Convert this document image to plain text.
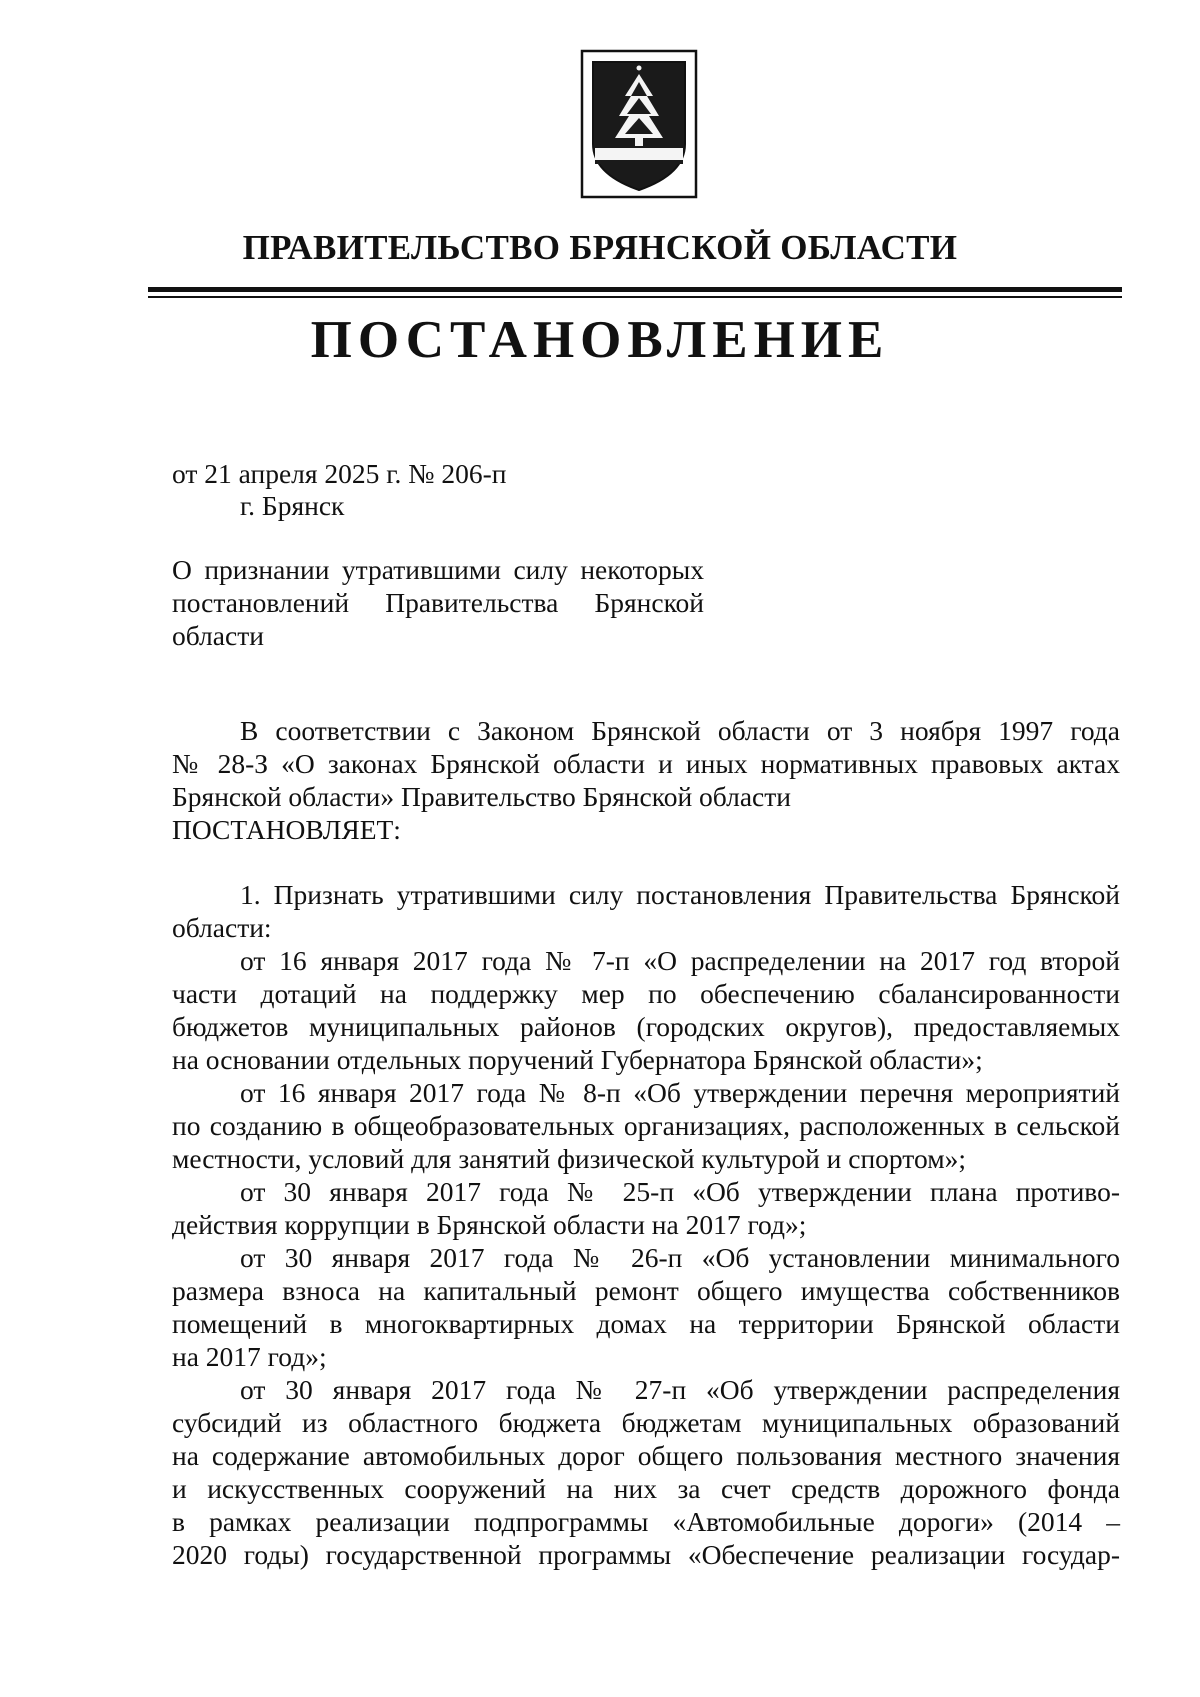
ПРАВИТЕЛЬСТВО БРЯНСКОЙ ОБЛАСТИ
ПОСТАНОВЛЕНИЕ
от 21 апреля 2025 г. № 206-п
г. Брянск
О признании утратившими силу некоторых
постановлений Правительства Брянской
области
В соответствии с Законом Брянской области от 3 ноября 1997 года
№ 28-З «О законах Брянской области и иных нормативных правовых актах
Брянской области» Правительство Брянской области
ПОСТАНОВЛЯЕТ:
1. Признать утратившими силу постановления Правительства Брянской
области:
от 16 января 2017 года № 7-п «О распределении на 2017 год второй
части дотаций на поддержку мер по обеспечению сбалансированности
бюджетов муниципальных районов (городских округов), предоставляемых
на основании отдельных поручений Губернатора Брянской области»;
от 16 января 2017 года № 8-п «Об утверждении перечня мероприятий
по созданию в общеобразовательных организациях, расположенных в сельской
местности, условий для занятий физической культурой и спортом»;
от 30 января 2017 года № 25-п «Об утверждении плана противо-
действия коррупции в Брянской области на 2017 год»;
от 30 января 2017 года № 26-п «Об установлении минимального
размера взноса на капитальный ремонт общего имущества собственников
помещений в многоквартирных домах на территории Брянской области
на 2017 год»;
от 30 января 2017 года № 27-п «Об утверждении распределения
субсидий из областного бюджета бюджетам муниципальных образований
на содержание автомобильных дорог общего пользования местного значения
и искусственных сооружений на них за счет средств дорожного фонда
в рамках реализации подпрограммы «Автомобильные дороги» (2014 –
2020 годы) государственной программы «Обеспечение реализации государ-
